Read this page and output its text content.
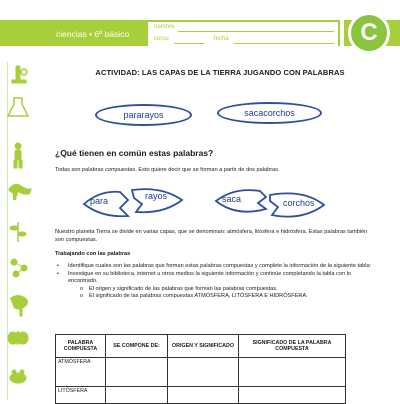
ciencias • 6º básico
nombre
curso	fecha	C
ACTIVIDAD: LAS CAPAS DE LA TIERRA JUGANDO CON PALABRAS
pararayos	sacacorchos
¿Qué tienen en común estas palabras?
Todas son palabras compuestas. Esto quiere decir que se forman a partir de dos palabras.
para	rayos	saca	corchos
Nuestro planeta Tierra se divide en varias capas, que se denominan: atmósfera, litósfera e hidrósfera. Estas palabras también son compuestas.
Trabajando con las palabras
• Identifique cuales son las palabras que forman estas palabras compuestas y complete la información de la siguiente tabla:
• Investigue en su biblioteca, internet u otros medios la siguiente información y continúe completando la tabla con lo encontrado.
o El origen y significado de las palabras que forman las palabras compuestas.
o El significado de las palabras compuestas ATMÓSFERA, LITÓSFERA E HIDRÓSFERA.
PALABRA COMPUESTA	SE COMPONE DE:	ORIGEN Y SIGNIFICADO	SIGNIFICADO DE LA PALABRA COMPUESTA
ATMÓSFERA			
LITÓSFERA			
